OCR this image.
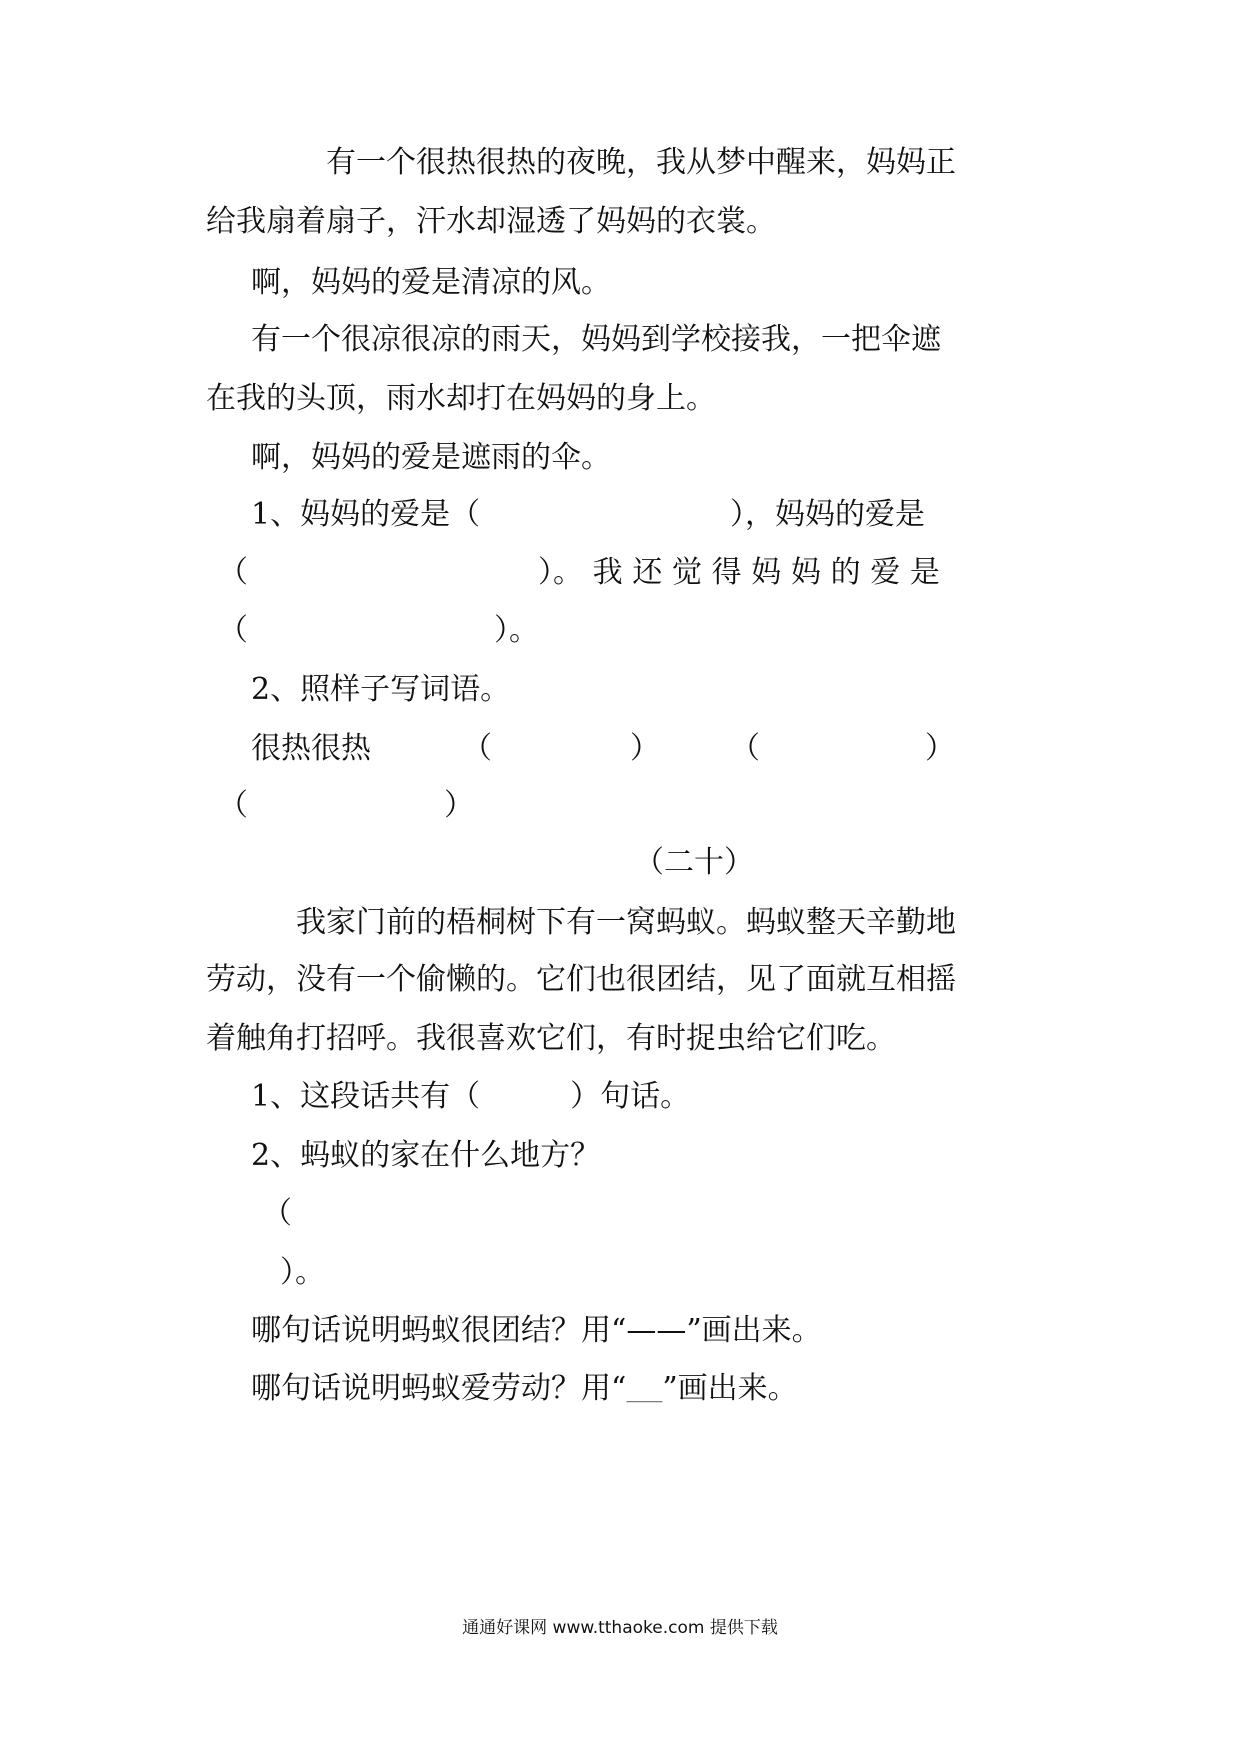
有一个很热很热的夜晚，我从梦中醒来，妈妈正
给我扇着扇子，汗水却湿透了妈妈的衣裳。
啊，妈妈的爱是清凉的风。
有一个很凉很凉的雨天，妈妈到学校接我，一把伞遮
在我的头顶，雨水却打在妈妈的身上。
啊，妈妈的爱是遮雨的伞。
1、妈妈的爱是（	），妈妈的爱是
（	）。 我 还 觉 得 妈 妈 的 爱 是
（	）。
2、照样子写词语。
很热很热	（	） （	）
（	）
（二十）
我家门前的梧桐树下有一窝蚂蚁。蚂蚁整天辛勤地
劳动，没有一个偷懒的。它们也很团结，见了面就互相摇
着触角打招呼。我很喜欢它们，有时捉虫给它们吃。
1、这段话共有（　　　）句话。
2、蚂蚁的家在什么地方？
（
）。
哪句话说明蚂蚁很团结？用“——”画出来。
哪句话说明蚂蚁爱劳动？用“____”画出来。
通通好课网 www.tthaoke.com 提供下载
